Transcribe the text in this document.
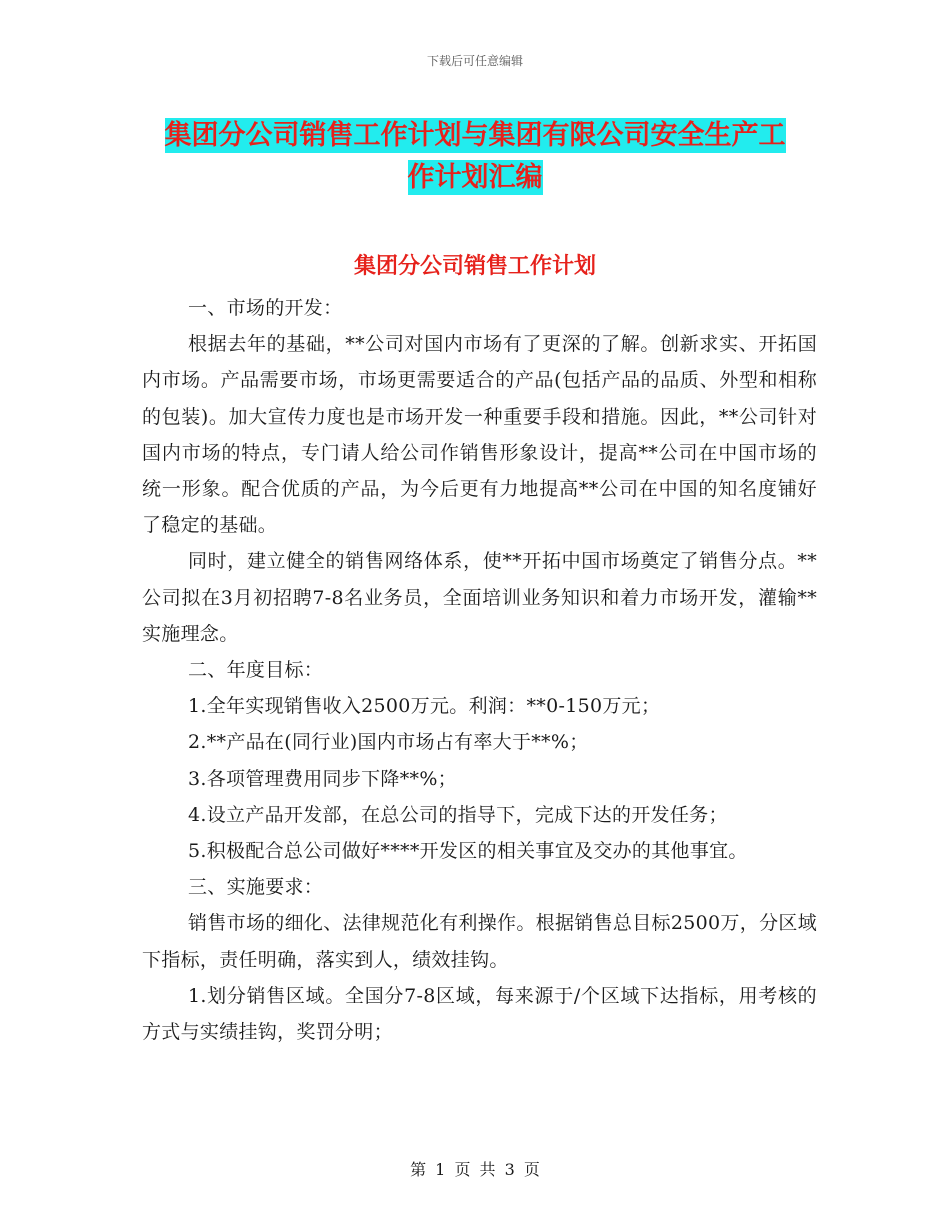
下载后可任意编辑
集团分公司销售工作计划与集团有限公司安全生产工
作计划汇编
集团分公司销售工作计划

一、市场的开发：

根据去年的基础，**公司对国内市场有了更深的了解。创新求实、开拓国内市场。产品需要市场，市场更需要适合的产品(包括产品的品质、外型和相称的包装)。加大宣传力度也是市场开发一种重要手段和措施。因此，**公司针对国内市场的特点，专门请人给公司作销售形象设计，提高**公司在中国市场的统一形象。配合优质的产品，为今后更有力地提高**公司在中国的知名度铺好了稳定的基础。

同时，建立健全的销售网络体系，使**开拓中国市场奠定了销售分点。**公司拟在3月初招聘7-8名业务员，全面培训业务知识和着力市场开发，灌输**实施理念。

二、年度目标：

1.全年实现销售收入2500万元。利润：**0-150万元；

2.**产品在(同行业)国内市场占有率大于**%；

3.各项管理费用同步下降**%；

4.设立产品开发部，在总公司的指导下，完成下达的开发任务；

5.积极配合总公司做好****开发区的相关事宜及交办的其他事宜。

三、实施要求：

销售市场的细化、法律规范化有利操作。根据销售总目标2500万，分区域下指标，责任明确，落实到人，绩效挂钩。

1.划分销售区域。全国分7-8区域，每来源于/个区域下达指标，用考核的方式与实绩挂钩，奖罚分明；

第 1 页 共 3 页
